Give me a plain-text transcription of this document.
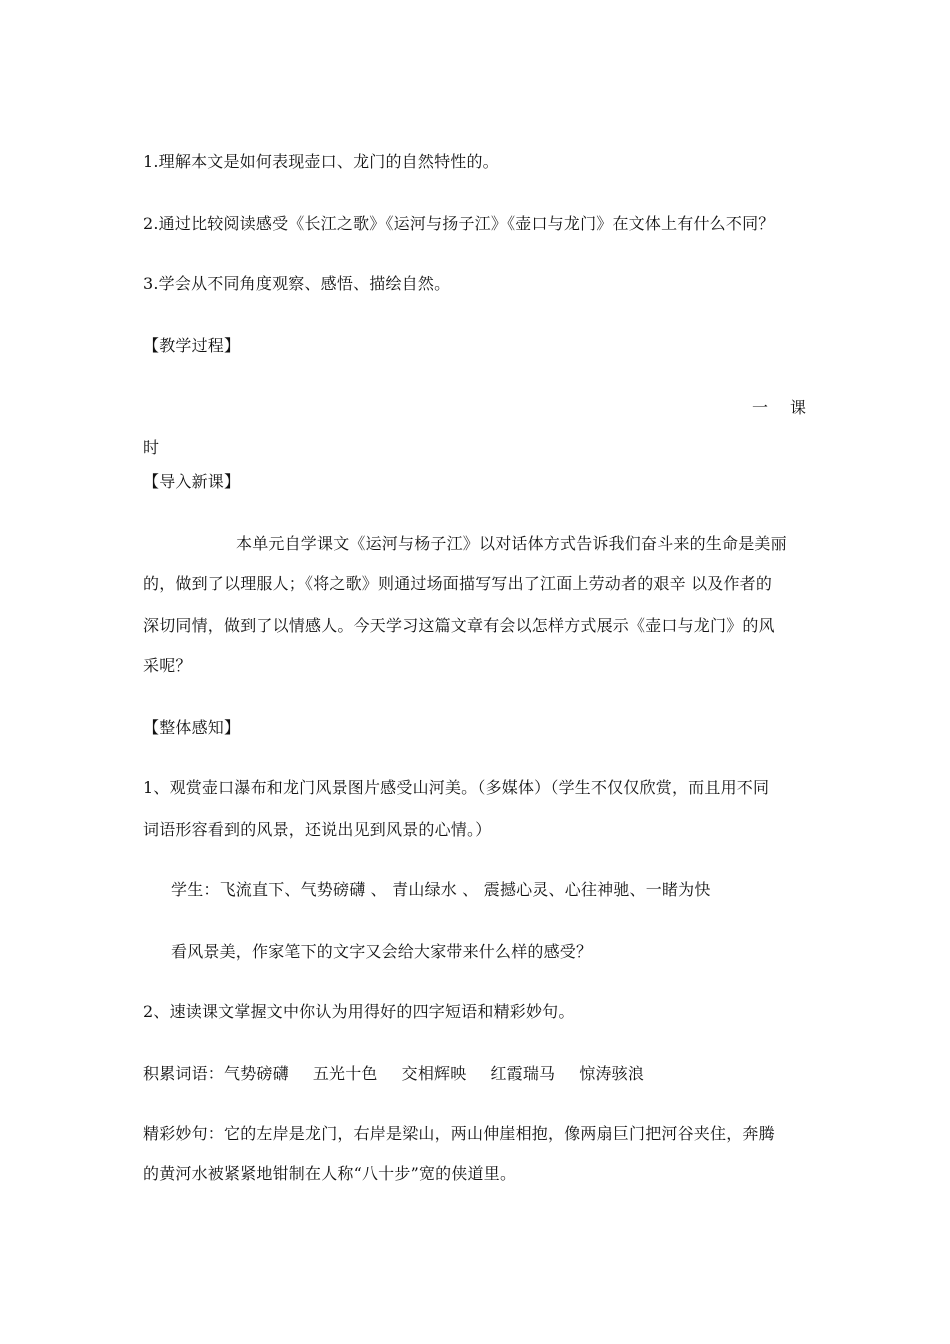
1.理解本文是如何表现壶口、龙门的自然特性的。
2.通过比较阅读感受《长江之歌》《运河与扬子江》《壶口与龙门》在文体上有什么不同？
3.学会从不同角度观察、感悟、描绘自然。
【教学过程】
一 课
时
【导入新课】
本单元自学课文《运河与杨子江》以对话体方式告诉我们奋斗来的生命是美丽
的，做到了以理服人；《将之歌》则通过场面描写写出了江面上劳动者的艰辛 以及作者的
深切同情，做到了以情感人。今天学习这篇文章有会以怎样方式展示《壶口与龙门》的风
采呢？
【整体感知】
1、观赏壶口瀑布和龙门风景图片感受山河美。（多媒体）（学生不仅仅欣赏，而且用不同
词语形容看到的风景，还说出见到风景的心情。）
学生：飞流直下、气势磅礴 、 青山绿水 、 震撼心灵、心往神驰、一睹为快
看风景美，作家笔下的文字又会给大家带来什么样的感受？
2、速读课文掌握文中你认为用得好的四字短语和精彩妙句。
积累词语：气势磅礴 五光十色 交相辉映 红霞瑞马 惊涛骇浪
精彩妙句：它的左岸是龙门，右岸是梁山，两山伸崖相抱，像两扇巨门把河谷夹住，奔腾
的黄河水被紧紧地钳制在人称“八十步”宽的侠道里。
